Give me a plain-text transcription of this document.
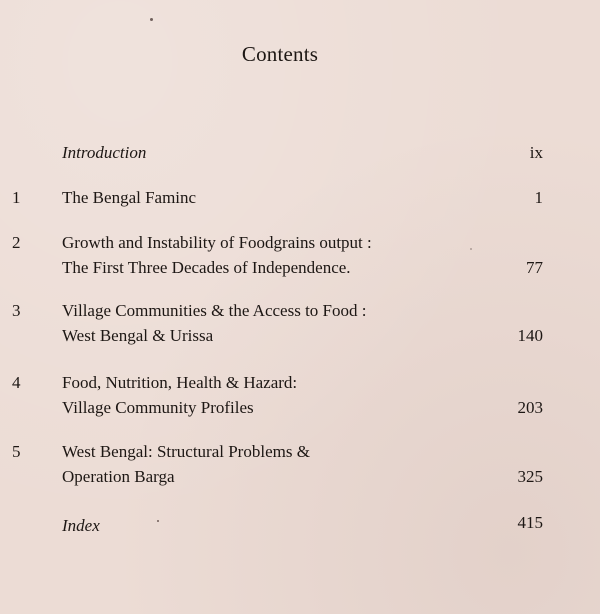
Contents
Introduction	ix
1 The Bengal Faminc	1
2 Growth and Instability of Foodgrains output :
The First Three Decades of Independence.	77
3 Village Communities & the Access to Food :
West Bengal & Urissa	140
4 Food, Nutrition, Health & Hazard:
Village Community Profiles	203
5 West Bengal: Structural Problems &
Operation Barga	325
Index	415
